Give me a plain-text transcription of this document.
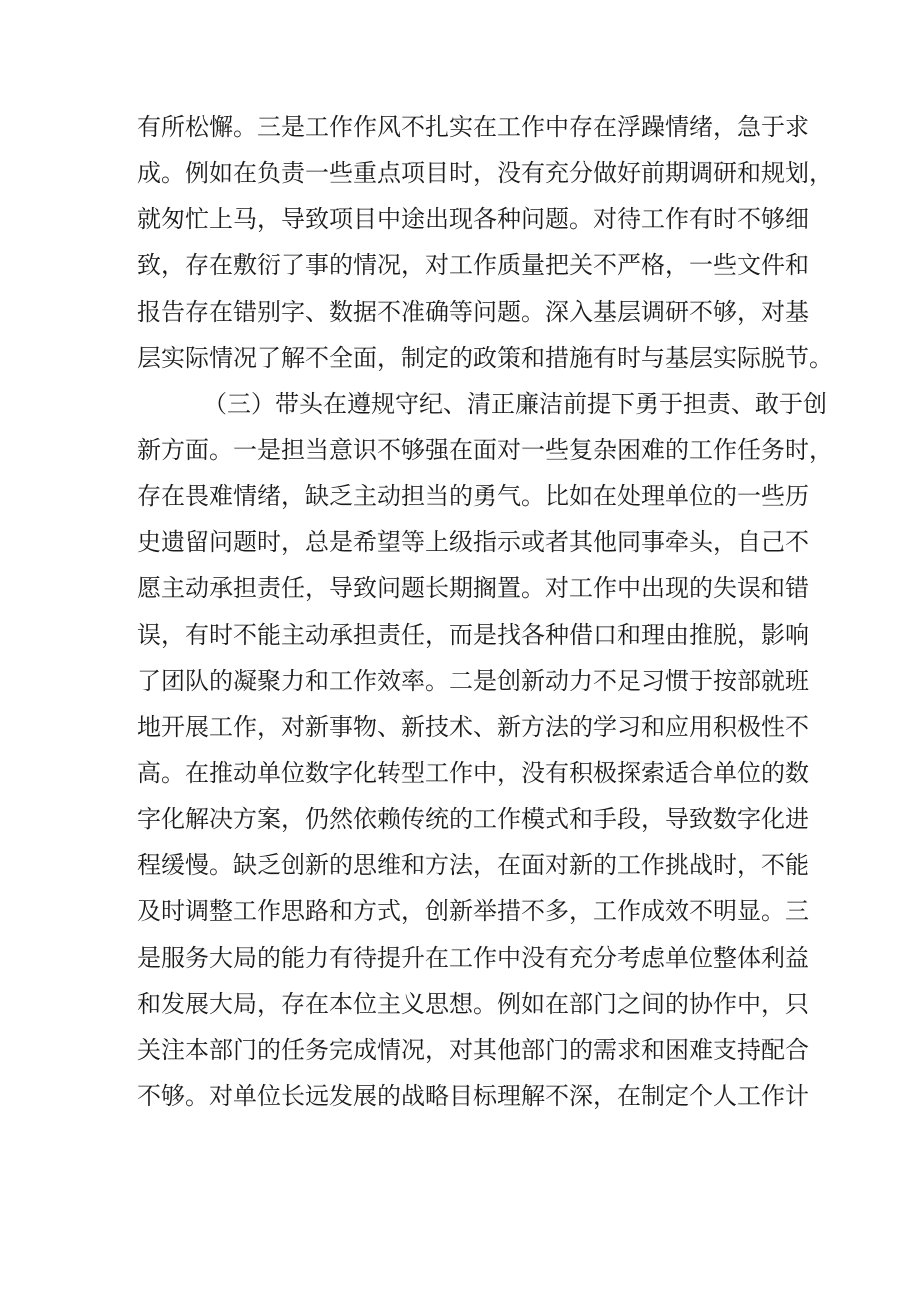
有所松懈。三是工作作风不扎实在工作中存在浮躁情绪，急于求
成。例如在负责一些重点项目时，没有充分做好前期调研和规划，
就匆忙上马，导致项目中途出现各种问题。对待工作有时不够细
致，存在敷衍了事的情况，对工作质量把关不严格，一些文件和
报告存在错别字、数据不准确等问题。深入基层调研不够，对基
层实际情况了解不全面，制定的政策和措施有时与基层实际脱节。
（三）带头在遵规守纪、清正廉洁前提下勇于担责、敢于创
新方面。一是担当意识不够强在面对一些复杂困难的工作任务时，
存在畏难情绪，缺乏主动担当的勇气。比如在处理单位的一些历
史遗留问题时，总是希望等上级指示或者其他同事牵头，自己不
愿主动承担责任，导致问题长期搁置。对工作中出现的失误和错
误，有时不能主动承担责任，而是找各种借口和理由推脱，影响
了团队的凝聚力和工作效率。二是创新动力不足习惯于按部就班
地开展工作，对新事物、新技术、新方法的学习和应用积极性不
高。在推动单位数字化转型工作中，没有积极探索适合单位的数
字化解决方案，仍然依赖传统的工作模式和手段，导致数字化进
程缓慢。缺乏创新的思维和方法，在面对新的工作挑战时，不能
及时调整工作思路和方式，创新举措不多，工作成效不明显。三
是服务大局的能力有待提升在工作中没有充分考虑单位整体利益
和发展大局，存在本位主义思想。例如在部门之间的协作中，只
关注本部门的任务完成情况，对其他部门的需求和困难支持配合
不够。对单位长远发展的战略目标理解不深，在制定个人工作计
